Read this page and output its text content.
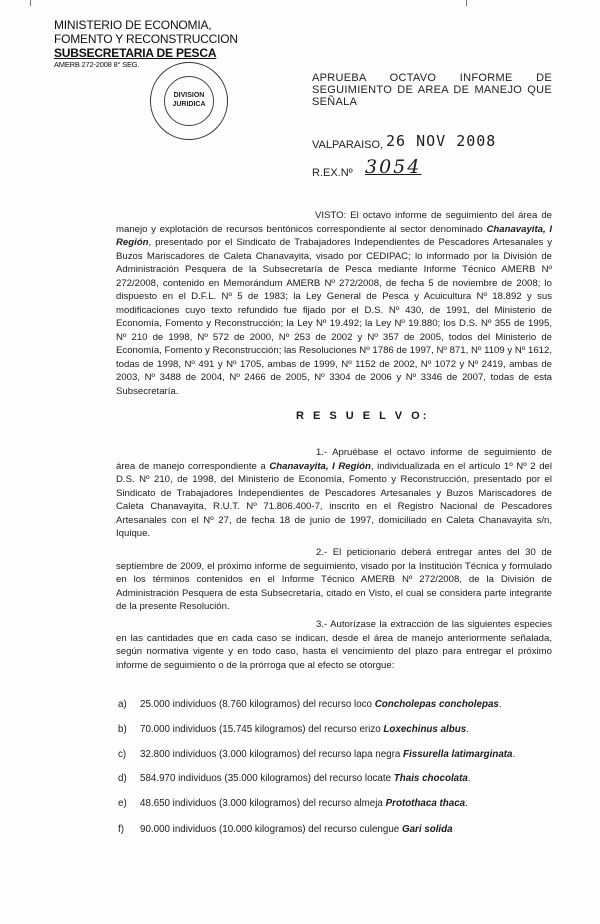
MINISTERIO DE ECONOMIA,
FOMENTO Y RECONSTRUCCION
SUBSECRETARIA DE PESCA
AMERB 272-2008 8° SEG.
DIVISION
JURIDICA
APRUEBA OCTAVO INFORME DE
SEGUIMIENTO DE AREA DE MANEJO QUE
SEÑALA
VALPARAISO, 26 NOV 2008
R.EX.Nº 3054

VISTO: El octavo informe de seguimiento del área de manejo y explotación de recursos bentónicos correspondiente al sector denominado Chanavayita, I Región, presentado por el Sindicato de Trabajadores Independientes de Pescadores Artesanales y Buzos Mariscadores de Caleta Chanavayita, visado por CEDIPAC; lo informado por la División de Administración Pesquera de la Subsecretaría de Pesca mediante Informe Técnico AMERB Nº 272/2008, contenido en Memorándum AMERB Nº 272/2008, de fecha 5 de noviembre de 2008; lo dispuesto en el D.F.L. Nº 5 de 1983; la Ley General de Pesca y Acuicultura Nº 18.892 y sus modificaciones cuyo texto refundido fue fijado por el D.S. Nº 430, de 1991, del Ministerio de Economía, Fomento y Reconstrucción; la Ley Nº 19.492; la Ley Nº 19.880; los D.S. Nº 355 de 1995, Nº 210 de 1998, Nº 572 de 2000, Nº 253 de 2002 y Nº 357 de 2005, todos del Ministerio de Economía, Fomento y Reconstrucción; las Resoluciones Nº 1786 de 1997, Nº 871, Nº 1109 y Nº 1612, todas de 1998, Nº 491 y Nº 1705, ambas de 1999, Nº 1152 de 2002, Nº 1072 y Nº 2419, ambas de 2003, Nº 3488 de 2004, Nº 2466 de 2005, Nº 3304 de 2006 y Nº 3346 de 2007, todas de esta Subsecretaría.

R E S U E L V O:

1.- Apruébase el octavo informe de seguimiento de área de manejo correspondiente a Chanavayita, I Región, individualizada en el artículo 1º Nº 2 del D.S. Nº 210, de 1998, del Ministerio de Economía, Fomento y Reconstrucción, presentado por el Sindicato de Trabajadores Independientes de Pescadores Artesanales y Buzos Mariscadores de Caleta Chanavayita, R.U.T. Nº 71.806.400-7, inscrito en el Registro Nacional de Pescadores Artesanales con el Nº 27, de fecha 18 de junio de 1997, domiciliado en Caleta Chanavayita s/n, Iquique.

2.- El peticionario deberá entregar antes del 30 de septiembre de 2009, el próximo informe de seguimiento, visado por la Institución Técnica y formulado en los términos contenidos en el Informe Técnico AMERB Nº 272/2008, de la División de Administración Pesquera de esta Subsecretaría, citado en Visto, el cual se considera parte integrante de la presente Resolución.

3.- Autorízase la extracción de las siguientes especies en las cantidades que en cada caso se indican, desde el área de manejo anteriormente señalada, según normativa vigente y en todo caso, hasta el vencimiento del plazo para entregar el próximo informe de seguimiento o de la prórroga que al efecto se otorgue:

a) 25.000 individuos (8.760 kilogramos) del recurso loco Concholepas concholepas.
b) 70.000 individuos (15.745 kilogramos) del recurso erizo Loxechinus albus.
c) 32.800 individuos (3.000 kilogramos) del recurso lapa negra Fissurella latimarginata.
d) 584.970 individuos (35.000 kilogramos) del recurso locate Thais chocolata.
e) 48.650 individuos (3.000 kilogramos) del recurso almeja Protothaca thaca.
f) 90.000 individuos (10.000 kilogramos) del recurso culengue Gari solida
